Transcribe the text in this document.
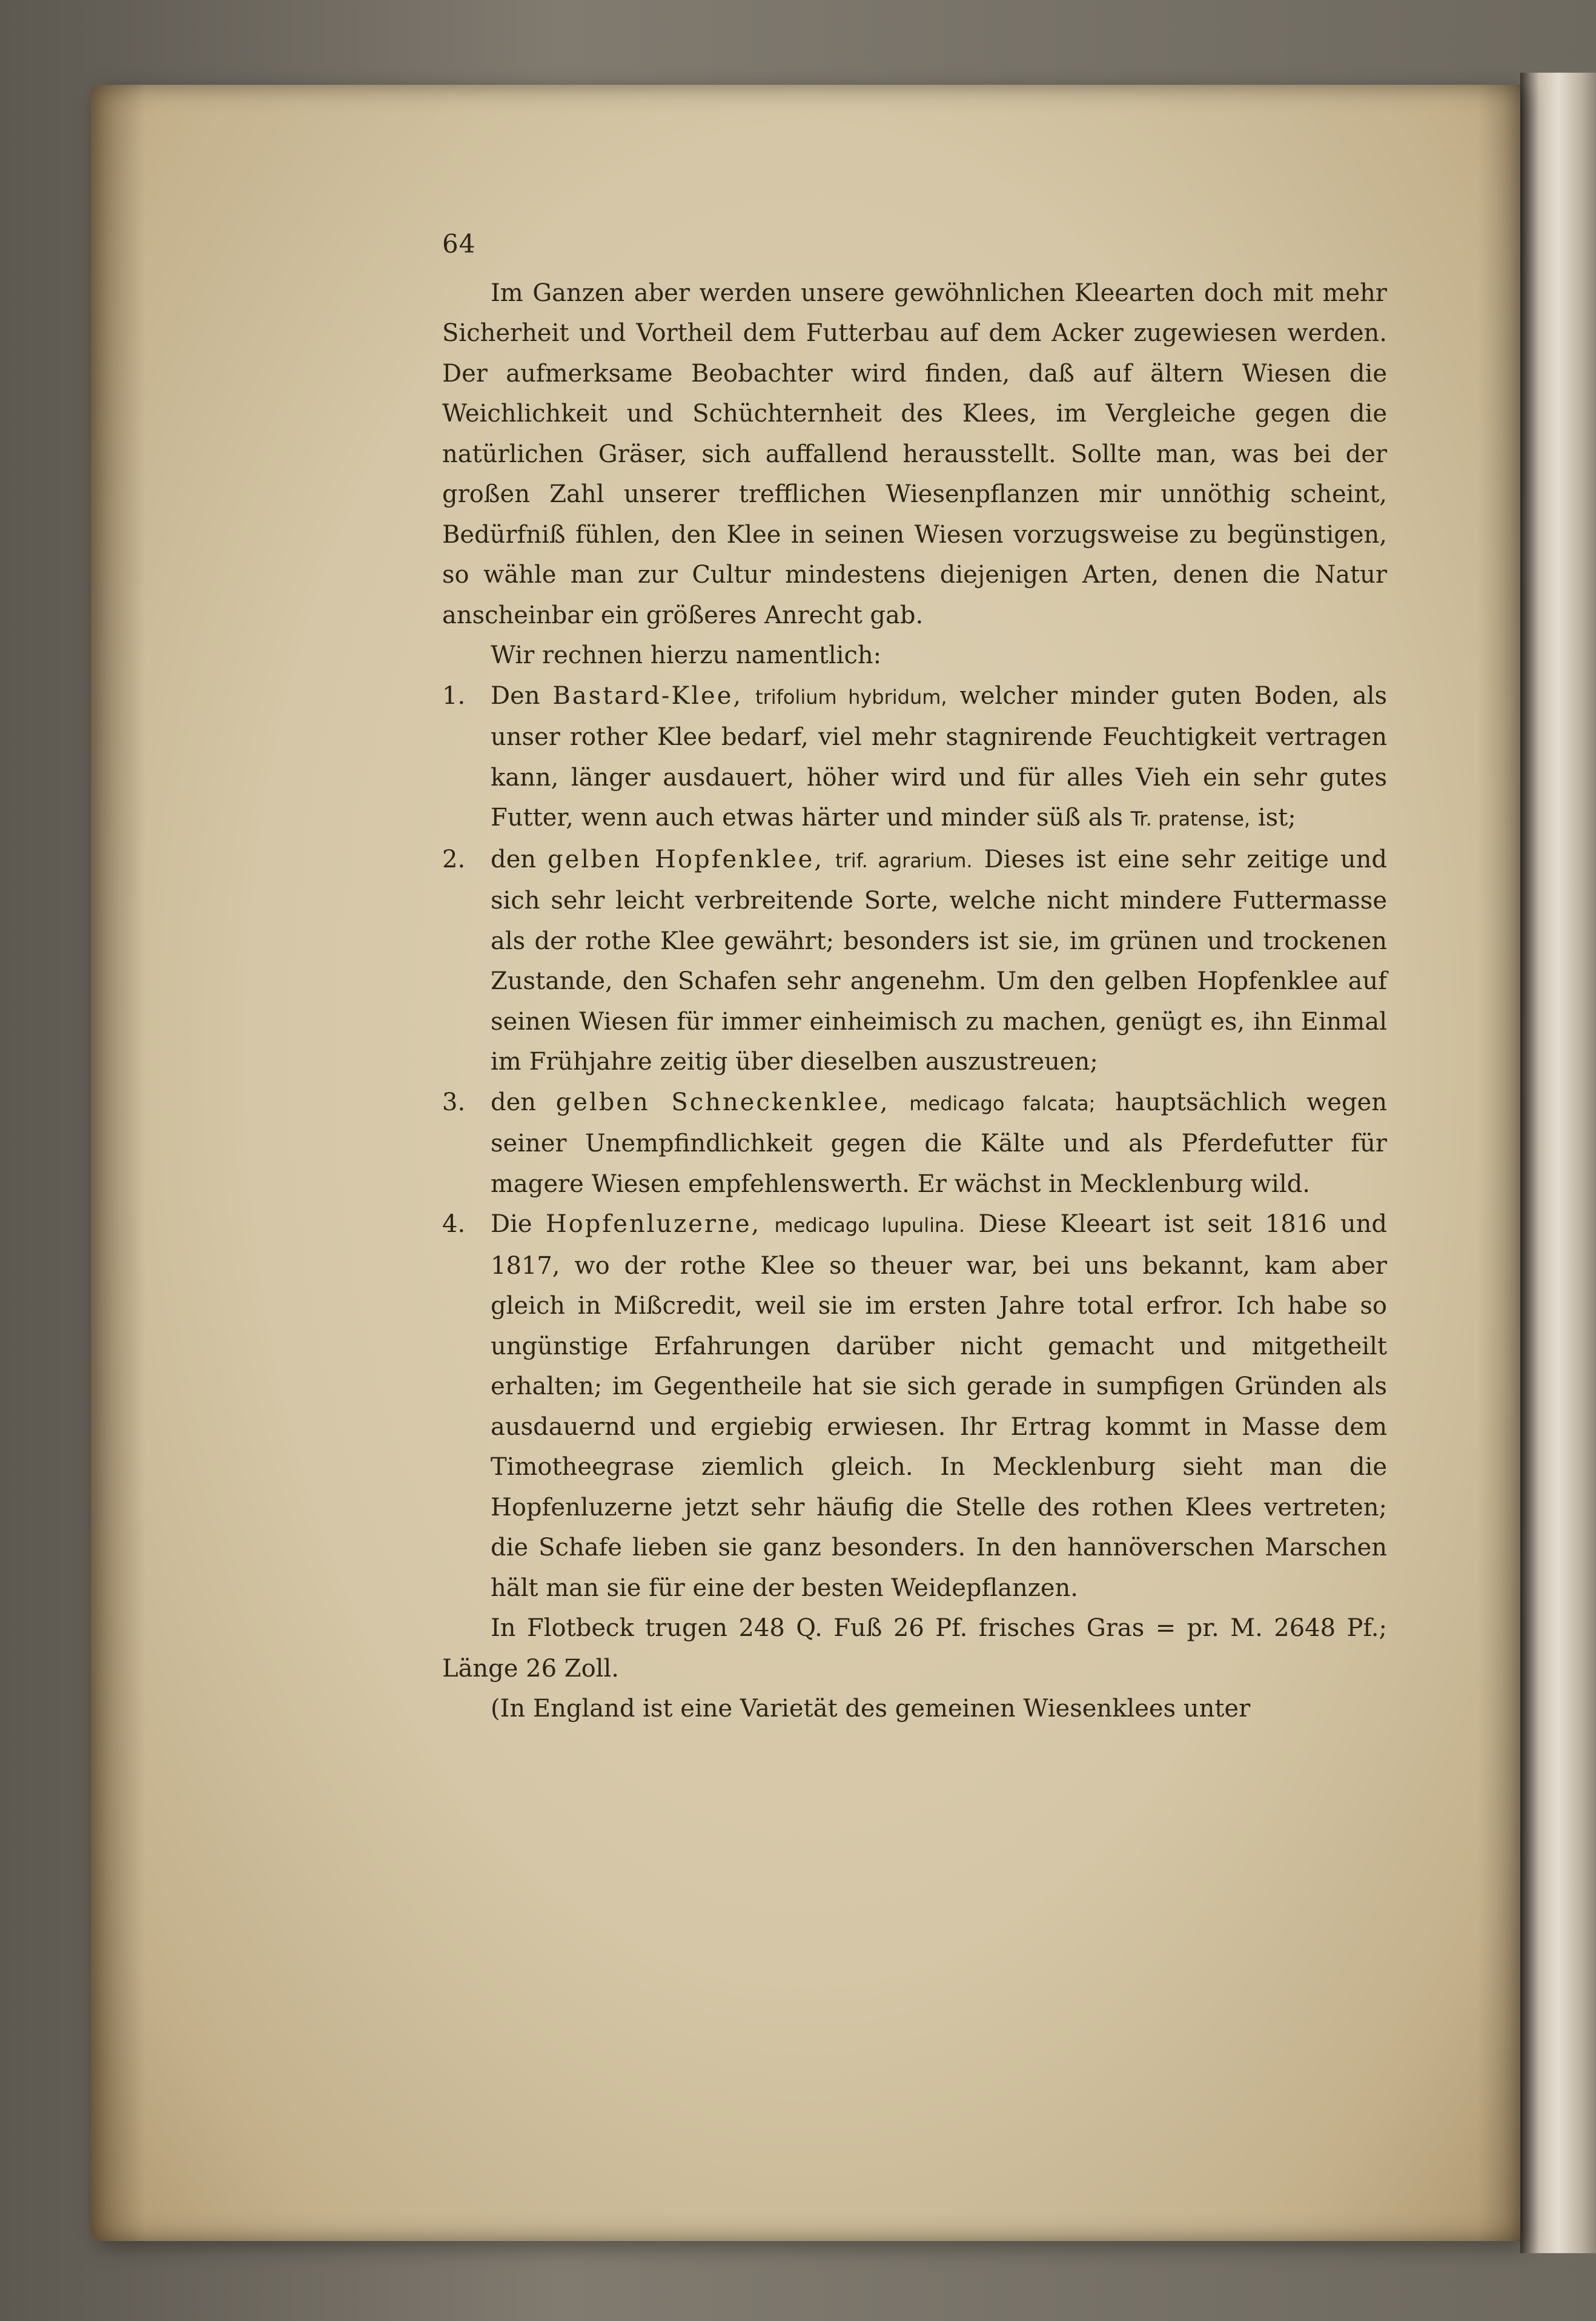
64

Im Ganzen aber werden unsere gewöhnlichen Kleearten doch mit mehr Sicherheit und Vortheil dem Futterbau auf dem Acker zugewiesen werden. Der aufmerksame Beobachter wird finden, daß auf ältern Wiesen die Weichlichkeit und Schüchternheit des Klees, im Vergleiche gegen die natürlichen Gräser, sich auffallend herausstellt. Sollte man, was bei der großen Zahl unserer trefflichen Wiesenpflanzen mir unnöthig scheint, Bedürfniß fühlen, den Klee in seinen Wiesen vorzugsweise zu begünstigen, so wähle man zur Cultur mindestens diejenigen Arten, denen die Natur anscheinbar ein größeres Anrecht gab.

Wir rechnen hierzu namentlich:

1.	Den Bastard-Klee, trifolium hybridum, welcher minder guten Boden, als unser rother Klee bedarf, viel mehr stagnirende Feuchtigkeit vertragen kann, länger ausdauert, höher wird und für alles Vieh ein sehr gutes Futter, wenn auch etwas härter und minder süß als Tr. pratense, ist;
2.	den gelben Hopfenklee, trif. agrarium. Dieses ist eine sehr zeitige und sich sehr leicht verbreitende Sorte, welche nicht mindere Futtermasse als der rothe Klee gewährt; besonders ist sie, im grünen und trockenen Zustande, den Schafen sehr angenehm. Um den gelben Hopfenklee auf seinen Wiesen für immer einheimisch zu machen, genügt es, ihn Einmal im Frühjahre zeitig über dieselben auszustreuen;
3.	den gelben Schneckenklee, medicago falcata; hauptsächlich wegen seiner Unempfindlichkeit gegen die Kälte und als Pferdefutter für magere Wiesen empfehlenswerth. Er wächst in Mecklenburg wild.
4.	Die Hopfenluzerne, medicago lupulina. Diese Kleeart ist seit 1816 und 1817, wo der rothe Klee so theuer war, bei uns bekannt, kam aber gleich in Mißcredit, weil sie im ersten Jahre total erfror. Ich habe so ungünstige Erfahrungen darüber nicht gemacht und mitgetheilt erhalten; im Gegentheile hat sie sich gerade in sumpfigen Gründen als ausdauernd und ergiebig erwiesen. Ihr Ertrag kommt in Masse dem Timotheegrase ziemlich gleich. In Mecklenburg sieht man die Hopfenluzerne jetzt sehr häufig die Stelle des rothen Klees vertreten; die Schafe lieben sie ganz besonders. In den hannöverschen Marschen hält man sie für eine der besten Weidepflanzen.

In Flotbeck trugen 248 Q. Fuß 26 Pf. frisches Gras = pr. M. 2648 Pf.; Länge 26 Zoll.

(In England ist eine Varietät des gemeinen Wiesenklees unter
